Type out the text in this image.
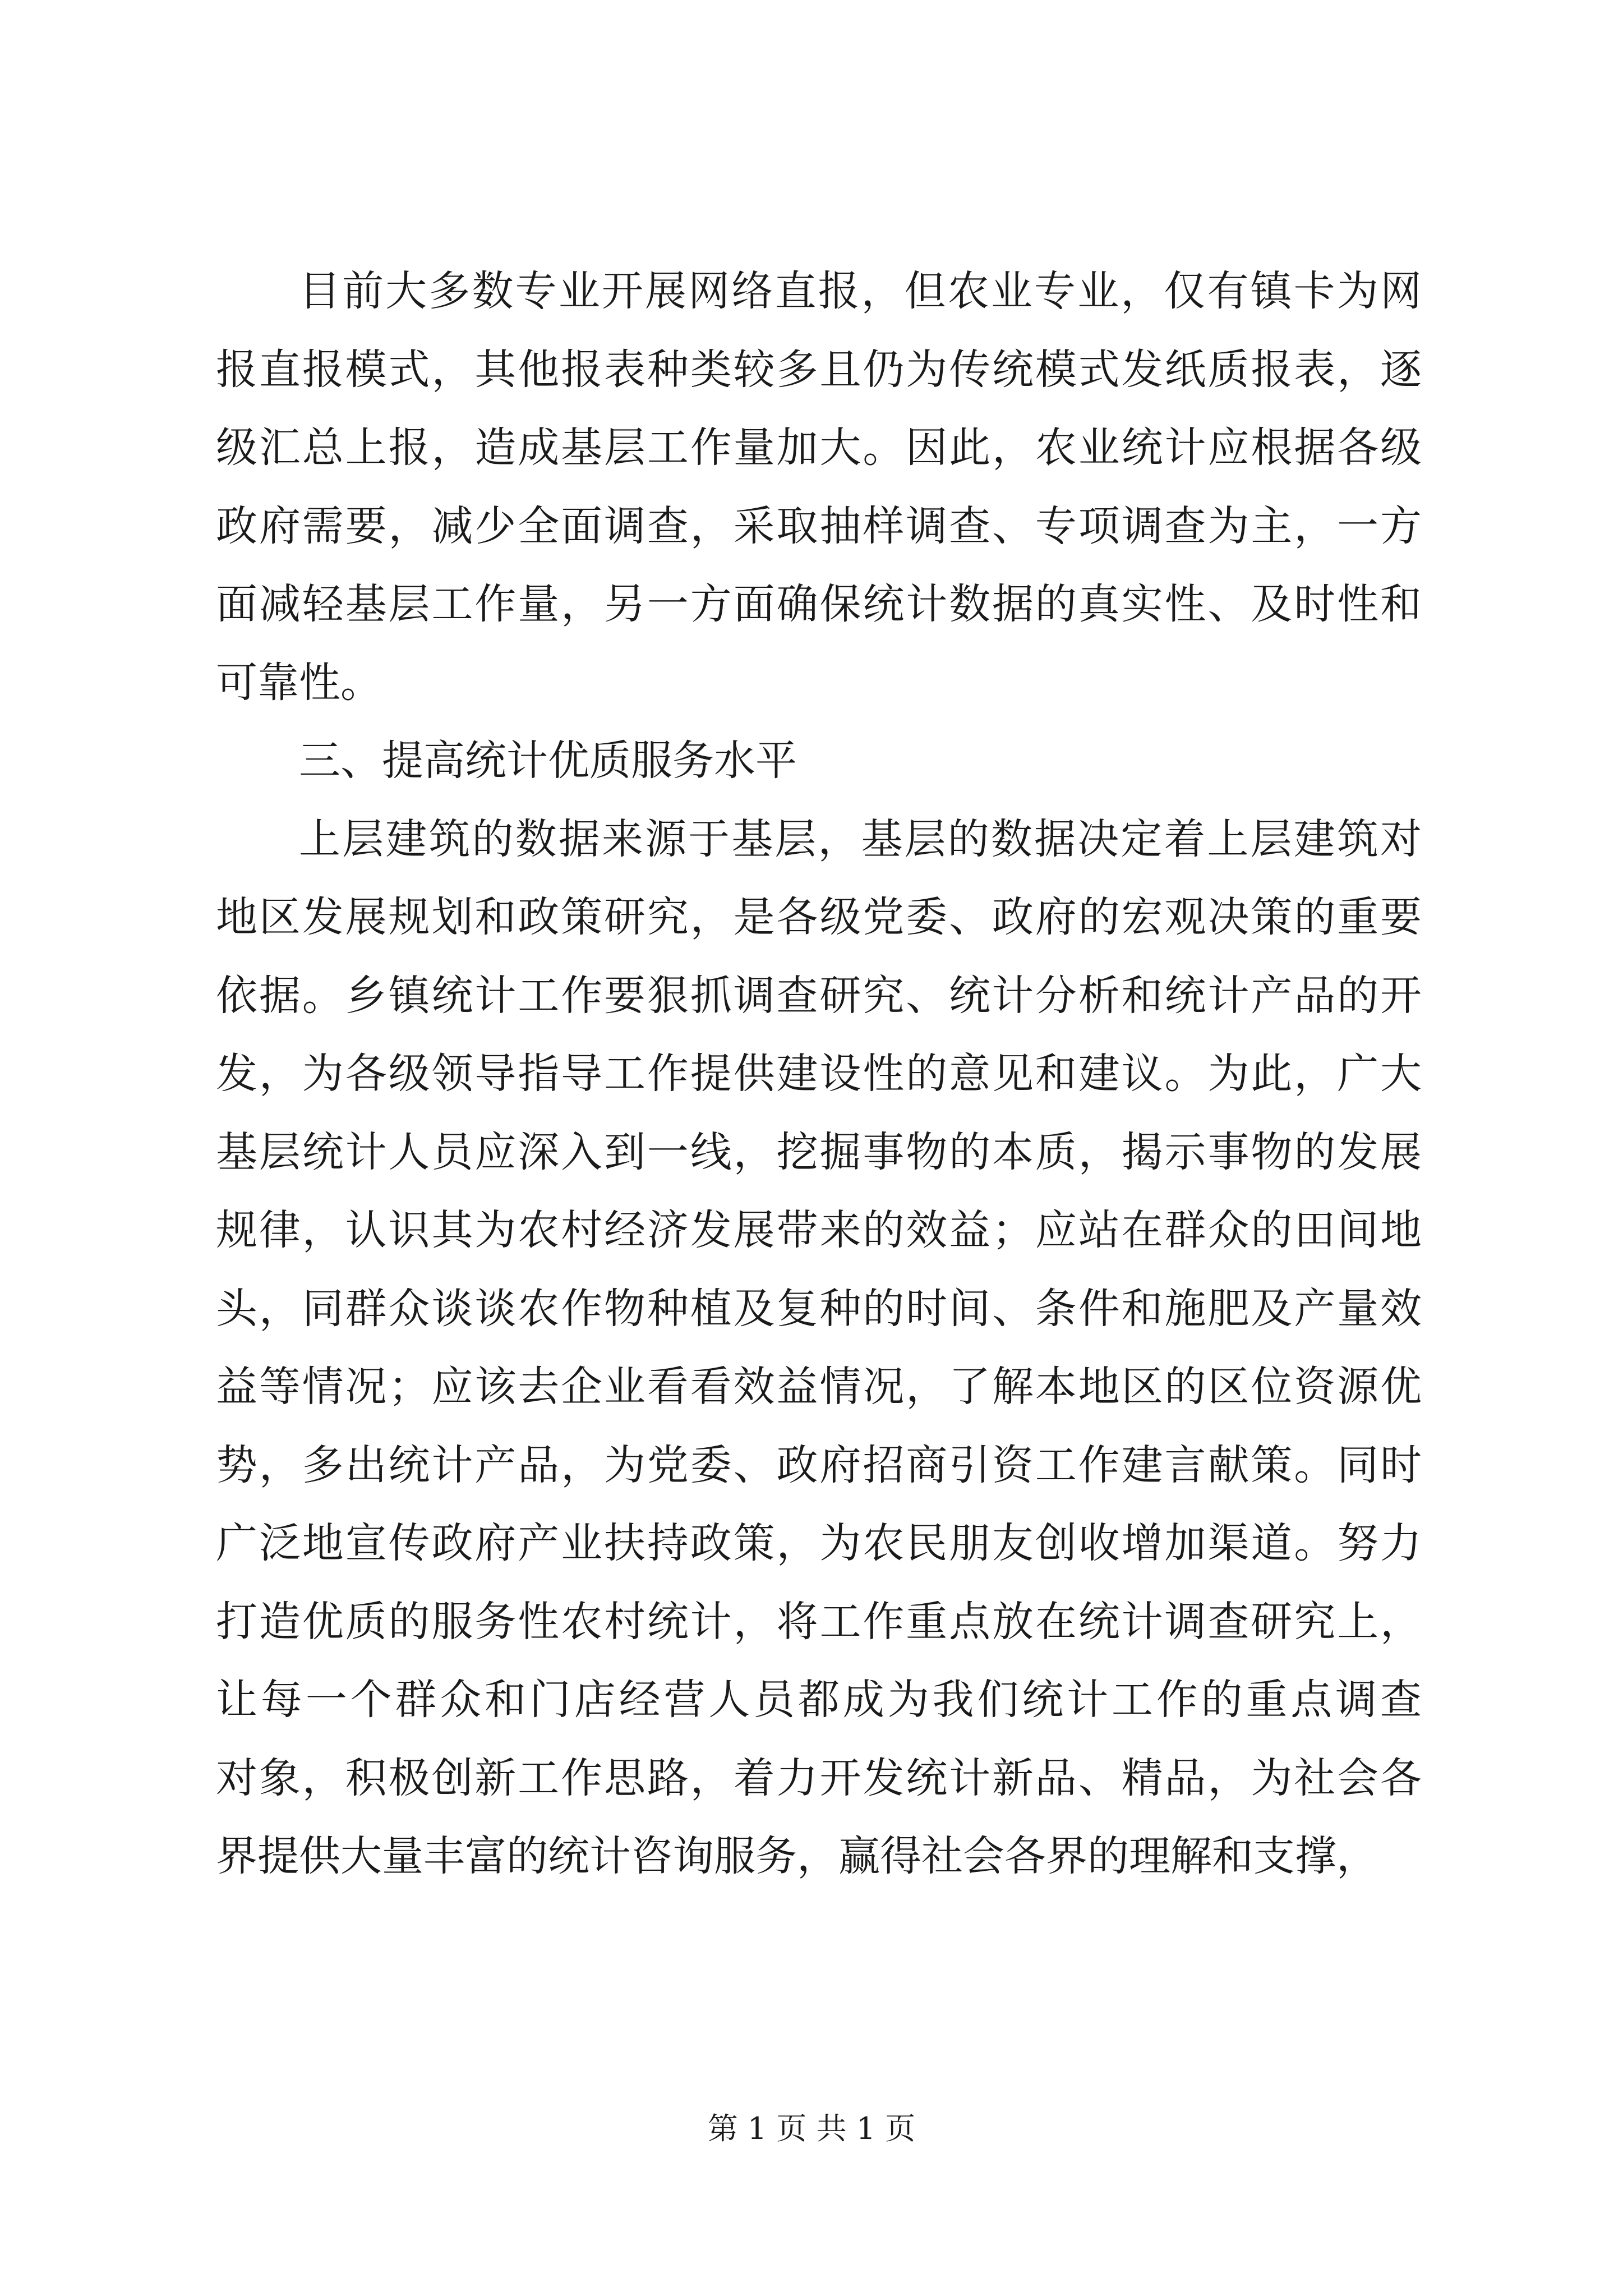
目前大多数专业开展网络直报，但农业专业，仅有镇卡为网
报直报模式，其他报表种类较多且仍为传统模式发纸质报表，逐
级汇总上报，造成基层工作量加大。因此，农业统计应根据各级
政府需要，减少全面调查，采取抽样调查、专项调查为主，一方
面减轻基层工作量，另一方面确保统计数据的真实性、及时性和
可靠性。
三、提高统计优质服务水平
上层建筑的数据来源于基层，基层的数据决定着上层建筑对
地区发展规划和政策研究，是各级党委、政府的宏观决策的重要
依据。乡镇统计工作要狠抓调查研究、统计分析和统计产品的开
发，为各级领导指导工作提供建设性的意见和建议。为此，广大
基层统计人员应深入到一线，挖掘事物的本质，揭示事物的发展
规律，认识其为农村经济发展带来的效益；应站在群众的田间地
头，同群众谈谈农作物种植及复种的时间、条件和施肥及产量效
益等情况；应该去企业看看效益情况，了解本地区的区位资源优
势，多出统计产品，为党委、政府招商引资工作建言献策。同时
广泛地宣传政府产业扶持政策，为农民朋友创收增加渠道。努力
打造优质的服务性农村统计，将工作重点放在统计调查研究上，
让每一个群众和门店经营人员都成为我们统计工作的重点调查
对象，积极创新工作思路，着力开发统计新品、精品，为社会各
界提供大量丰富的统计咨询服务，赢得社会各界的理解和支撑，
第 1 页 共 1 页
